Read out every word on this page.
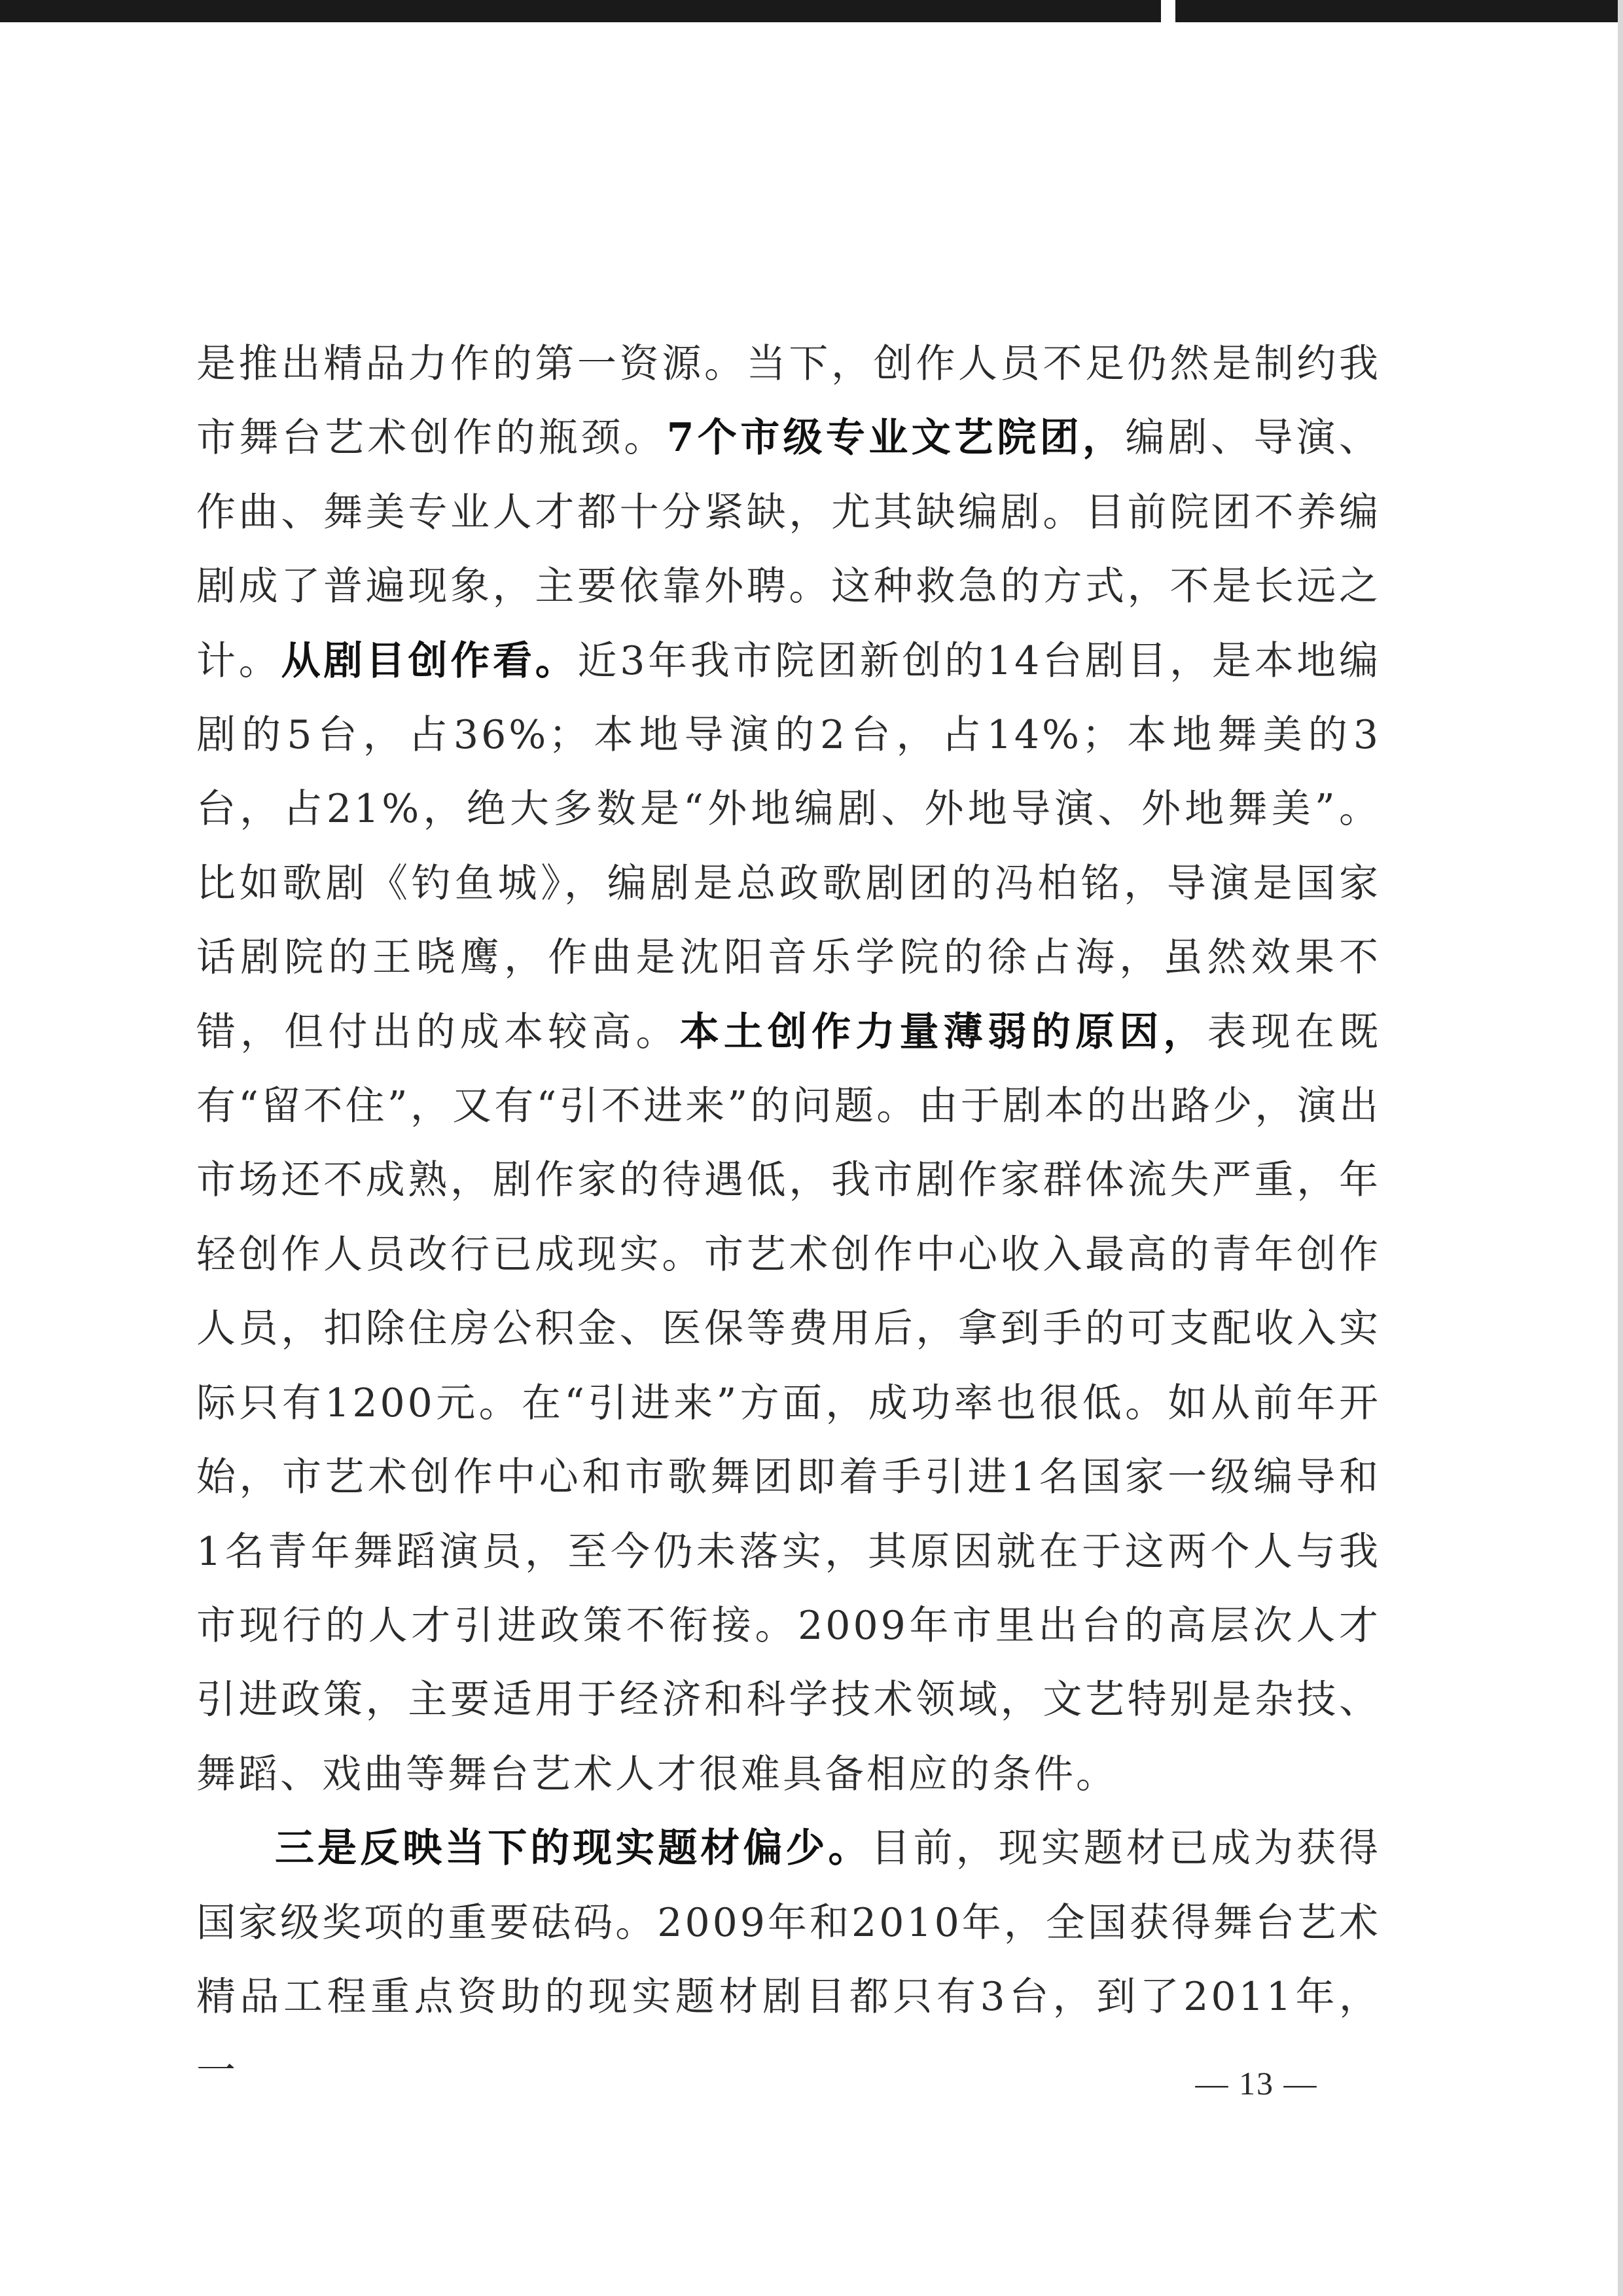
是推出精品力作的第一资源。当下，创作人员不足仍然是制约我市舞台艺术创作的瓶颈。7个市级专业文艺院团，编剧、导演、作曲、舞美专业人才都十分紧缺，尤其缺编剧。目前院团不养编剧成了普遍现象，主要依靠外聘。这种救急的方式，不是长远之计。从剧目创作看。近3年我市院团新创的14台剧目，是本地编剧的5台，占36%；本地导演的2台，占14%；本地舞美的3台，占21%，绝大多数是“外地编剧、外地导演、外地舞美”。比如歌剧《钓鱼城》，编剧是总政歌剧团的冯柏铭，导演是国家话剧院的王晓鹰，作曲是沈阳音乐学院的徐占海，虽然效果不错，但付出的成本较高。本土创作力量薄弱的原因，表现在既有“留不住”，又有“引不进来”的问题。由于剧本的出路少，演出市场还不成熟，剧作家的待遇低，我市剧作家群体流失严重，年轻创作人员改行已成现实。市艺术创作中心收入最高的青年创作人员，扣除住房公积金、医保等费用后，拿到手的可支配收入实际只有1200元。在“引进来”方面，成功率也很低。如从前年开始，市艺术创作中心和市歌舞团即着手引进1名国家一级编导和1名青年舞蹈演员，至今仍未落实，其原因就在于这两个人与我市现行的人才引进政策不衔接。2009年市里出台的高层次人才引进政策，主要适用于经济和科学技术领域，文艺特别是杂技、舞蹈、戏曲等舞台艺术人才很难具备相应的条件。

三是反映当下的现实题材偏少。目前，现实题材已成为获得国家级奖项的重要砝码。2009年和2010年，全国获得舞台艺术精品工程重点资助的现实题材剧目都只有3台，到了2011年，一	— 13 —
